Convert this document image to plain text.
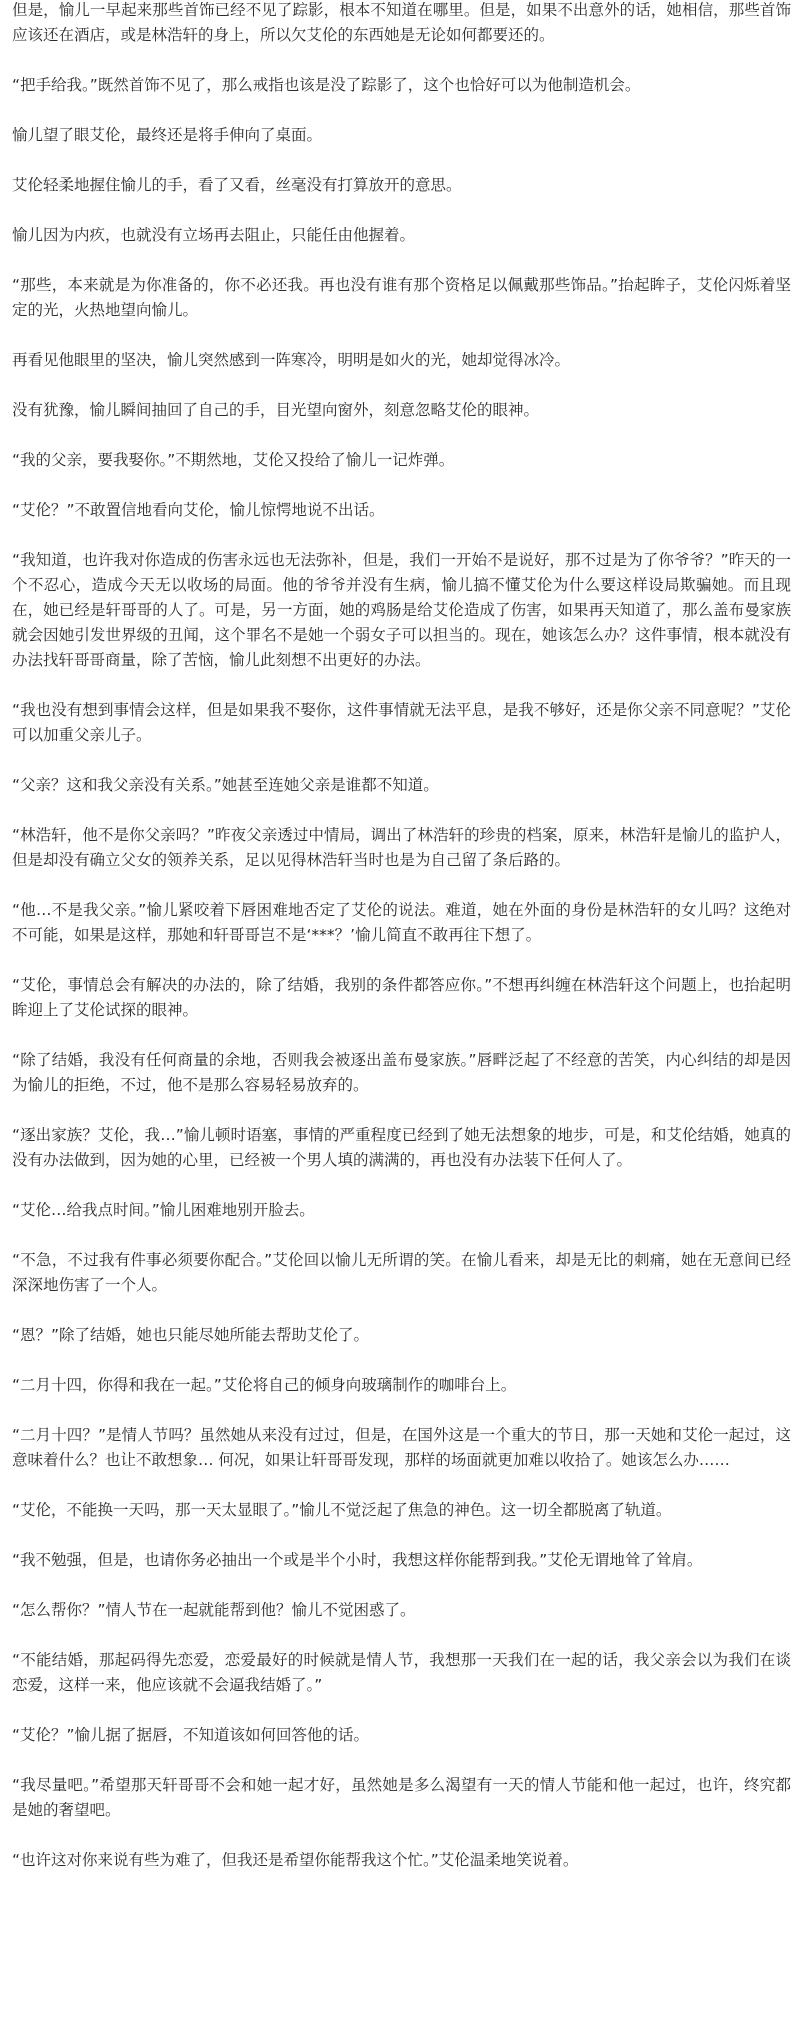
但是，愉儿一早起来那些首饰已经不见了踪影，根本不知道在哪里。但是，如果不出意外的话，她相信，那些首饰应该还在酒店，或是林浩轩的身上，所以欠艾伦的东西她是无论如何都要还的。

“把手给我。”既然首饰不见了，那么戒指也该是没了踪影了，这个也恰好可以为他制造机会。

愉儿望了眼艾伦，最终还是将手伸向了桌面。

艾伦轻柔地握住愉儿的手，看了又看，丝毫没有打算放开的意思。

愉儿因为内疚，也就没有立场再去阻止，只能任由他握着。

“那些，本来就是为你准备的，你不必还我。再也没有谁有那个资格足以佩戴那些饰品。”抬起眸子，艾伦闪烁着坚定的光，火热地望向愉儿。

再看见他眼里的坚决，愉儿突然感到一阵寒冷，明明是如火的光，她却觉得冰冷。

没有犹豫，愉儿瞬间抽回了自己的手，目光望向窗外，刻意忽略艾伦的眼神。

“我的父亲，要我娶你。”不期然地，艾伦又投给了愉儿一记炸弹。

“艾伦？”不敢置信地看向艾伦，愉儿惊愕地说不出话。

“我知道，也许我对你造成的伤害永远也无法弥补，但是，我们一开始不是说好，那不过是为了你爷爷？”昨天的一个不忍心，造成今天无以收场的局面。他的爷爷并没有生病，愉儿搞不懂艾伦为什么要这样设局欺骗她。而且现在，她已经是轩哥哥的人了。可是，另一方面，她的鸡肠是给艾伦造成了伤害，如果再天知道了，那么盖布曼家族就会因她引发世界级的丑闻，这个罪名不是她一个弱女子可以担当的。现在，她该怎么办？这件事情，根本就没有办法找轩哥哥商量，除了苦恼，愉儿此刻想不出更好的办法。

“我也没有想到事情会这样，但是如果我不娶你，这件事情就无法平息，是我不够好，还是你父亲不同意呢？”艾伦可以加重父亲儿子。

“父亲？这和我父亲没有关系。”她甚至连她父亲是谁都不知道。

“林浩轩，他不是你父亲吗？”昨夜父亲透过中情局，调出了林浩轩的珍贵的档案，原来，林浩轩是愉儿的监护人，但是却没有确立父女的领养关系，足以见得林浩轩当时也是为自己留了条后路的。

“他…不是我父亲。”愉儿紧咬着下唇困难地否定了艾伦的说法。难道，她在外面的身份是林浩轩的女儿吗？这绝对不可能，如果是这样，那她和轩哥哥岂不是‘***？’愉儿简直不敢再往下想了。

“艾伦，事情总会有解决的办法的，除了结婚，我别的条件都答应你。”不想再纠缠在林浩轩这个问题上，也抬起明眸迎上了艾伦试探的眼神。

“除了结婚，我没有任何商量的余地，否则我会被逐出盖布曼家族。”唇畔泛起了不经意的苦笑，内心纠结的却是因为愉儿的拒绝，不过，他不是那么容易轻易放弃的。

“逐出家族？艾伦，我…”愉儿顿时语塞，事情的严重程度已经到了她无法想象的地步，可是，和艾伦结婚，她真的没有办法做到，因为她的心里，已经被一个男人填的满满的，再也没有办法装下任何人了。

“艾伦…给我点时间。”愉儿困难地别开脸去。

“不急，不过我有件事必须要你配合。”艾伦回以愉儿无所谓的笑。在愉儿看来，却是无比的刺痛，她在无意间已经深深地伤害了一个人。

“恩？”除了结婚，她也只能尽她所能去帮助艾伦了。

“二月十四，你得和我在一起。”艾伦将自己的倾身向玻璃制作的咖啡台上。

“二月十四？”是情人节吗？虽然她从来没有过过，但是，在国外这是一个重大的节日，那一天她和艾伦一起过，这意味着什么？也让不敢想象… 何况，如果让轩哥哥发现，那样的场面就更加难以收拾了。她该怎么办……

“艾伦，不能换一天吗，那一天太显眼了。”愉儿不觉泛起了焦急的神色。这一切全都脱离了轨道。

“我不勉强，但是，也请你务必抽出一个或是半个小时，我想这样你能帮到我。”艾伦无谓地耸了耸肩。

“怎么帮你？”情人节在一起就能帮到他？愉儿不觉困惑了。

“不能结婚，那起码得先恋爱，恋爱最好的时候就是情人节，我想那一天我们在一起的话，我父亲会以为我们在谈恋爱，这样一来，他应该就不会逼我结婚了。”

“艾伦？”愉儿据了据唇，不知道该如何回答他的话。

“我尽量吧。”希望那天轩哥哥不会和她一起才好，虽然她是多么渴望有一天的情人节能和他一起过，也许，终究都是她的奢望吧。

“也许这对你来说有些为难了，但我还是希望你能帮我这个忙。”艾伦温柔地笑说着。
